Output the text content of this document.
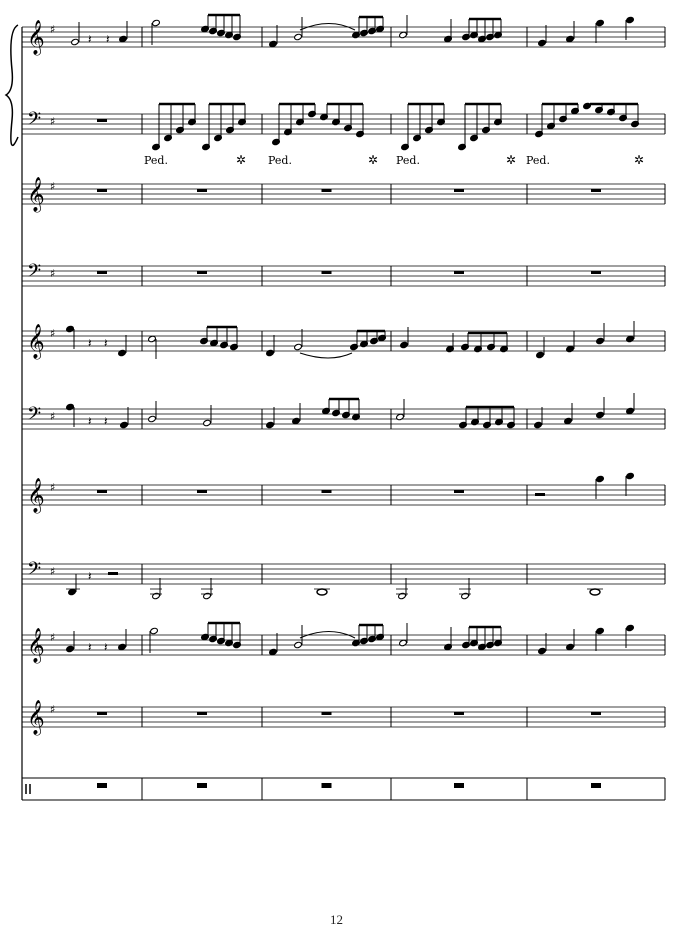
𝄞 ♯
𝄢 ♯
𝄞 ♯
𝄢 ♯
𝄞 ♯
𝄢 ♯
𝄞 ♯
𝄢 ♯
𝄞 ♯
𝄞 ♯
𝄽 𝄽
Ped.	✲ Ped.	✲ Ped.	✲ Ped.	✲
𝄽 𝄽
𝄽 𝄽
𝄽
𝄽 𝄽
12
